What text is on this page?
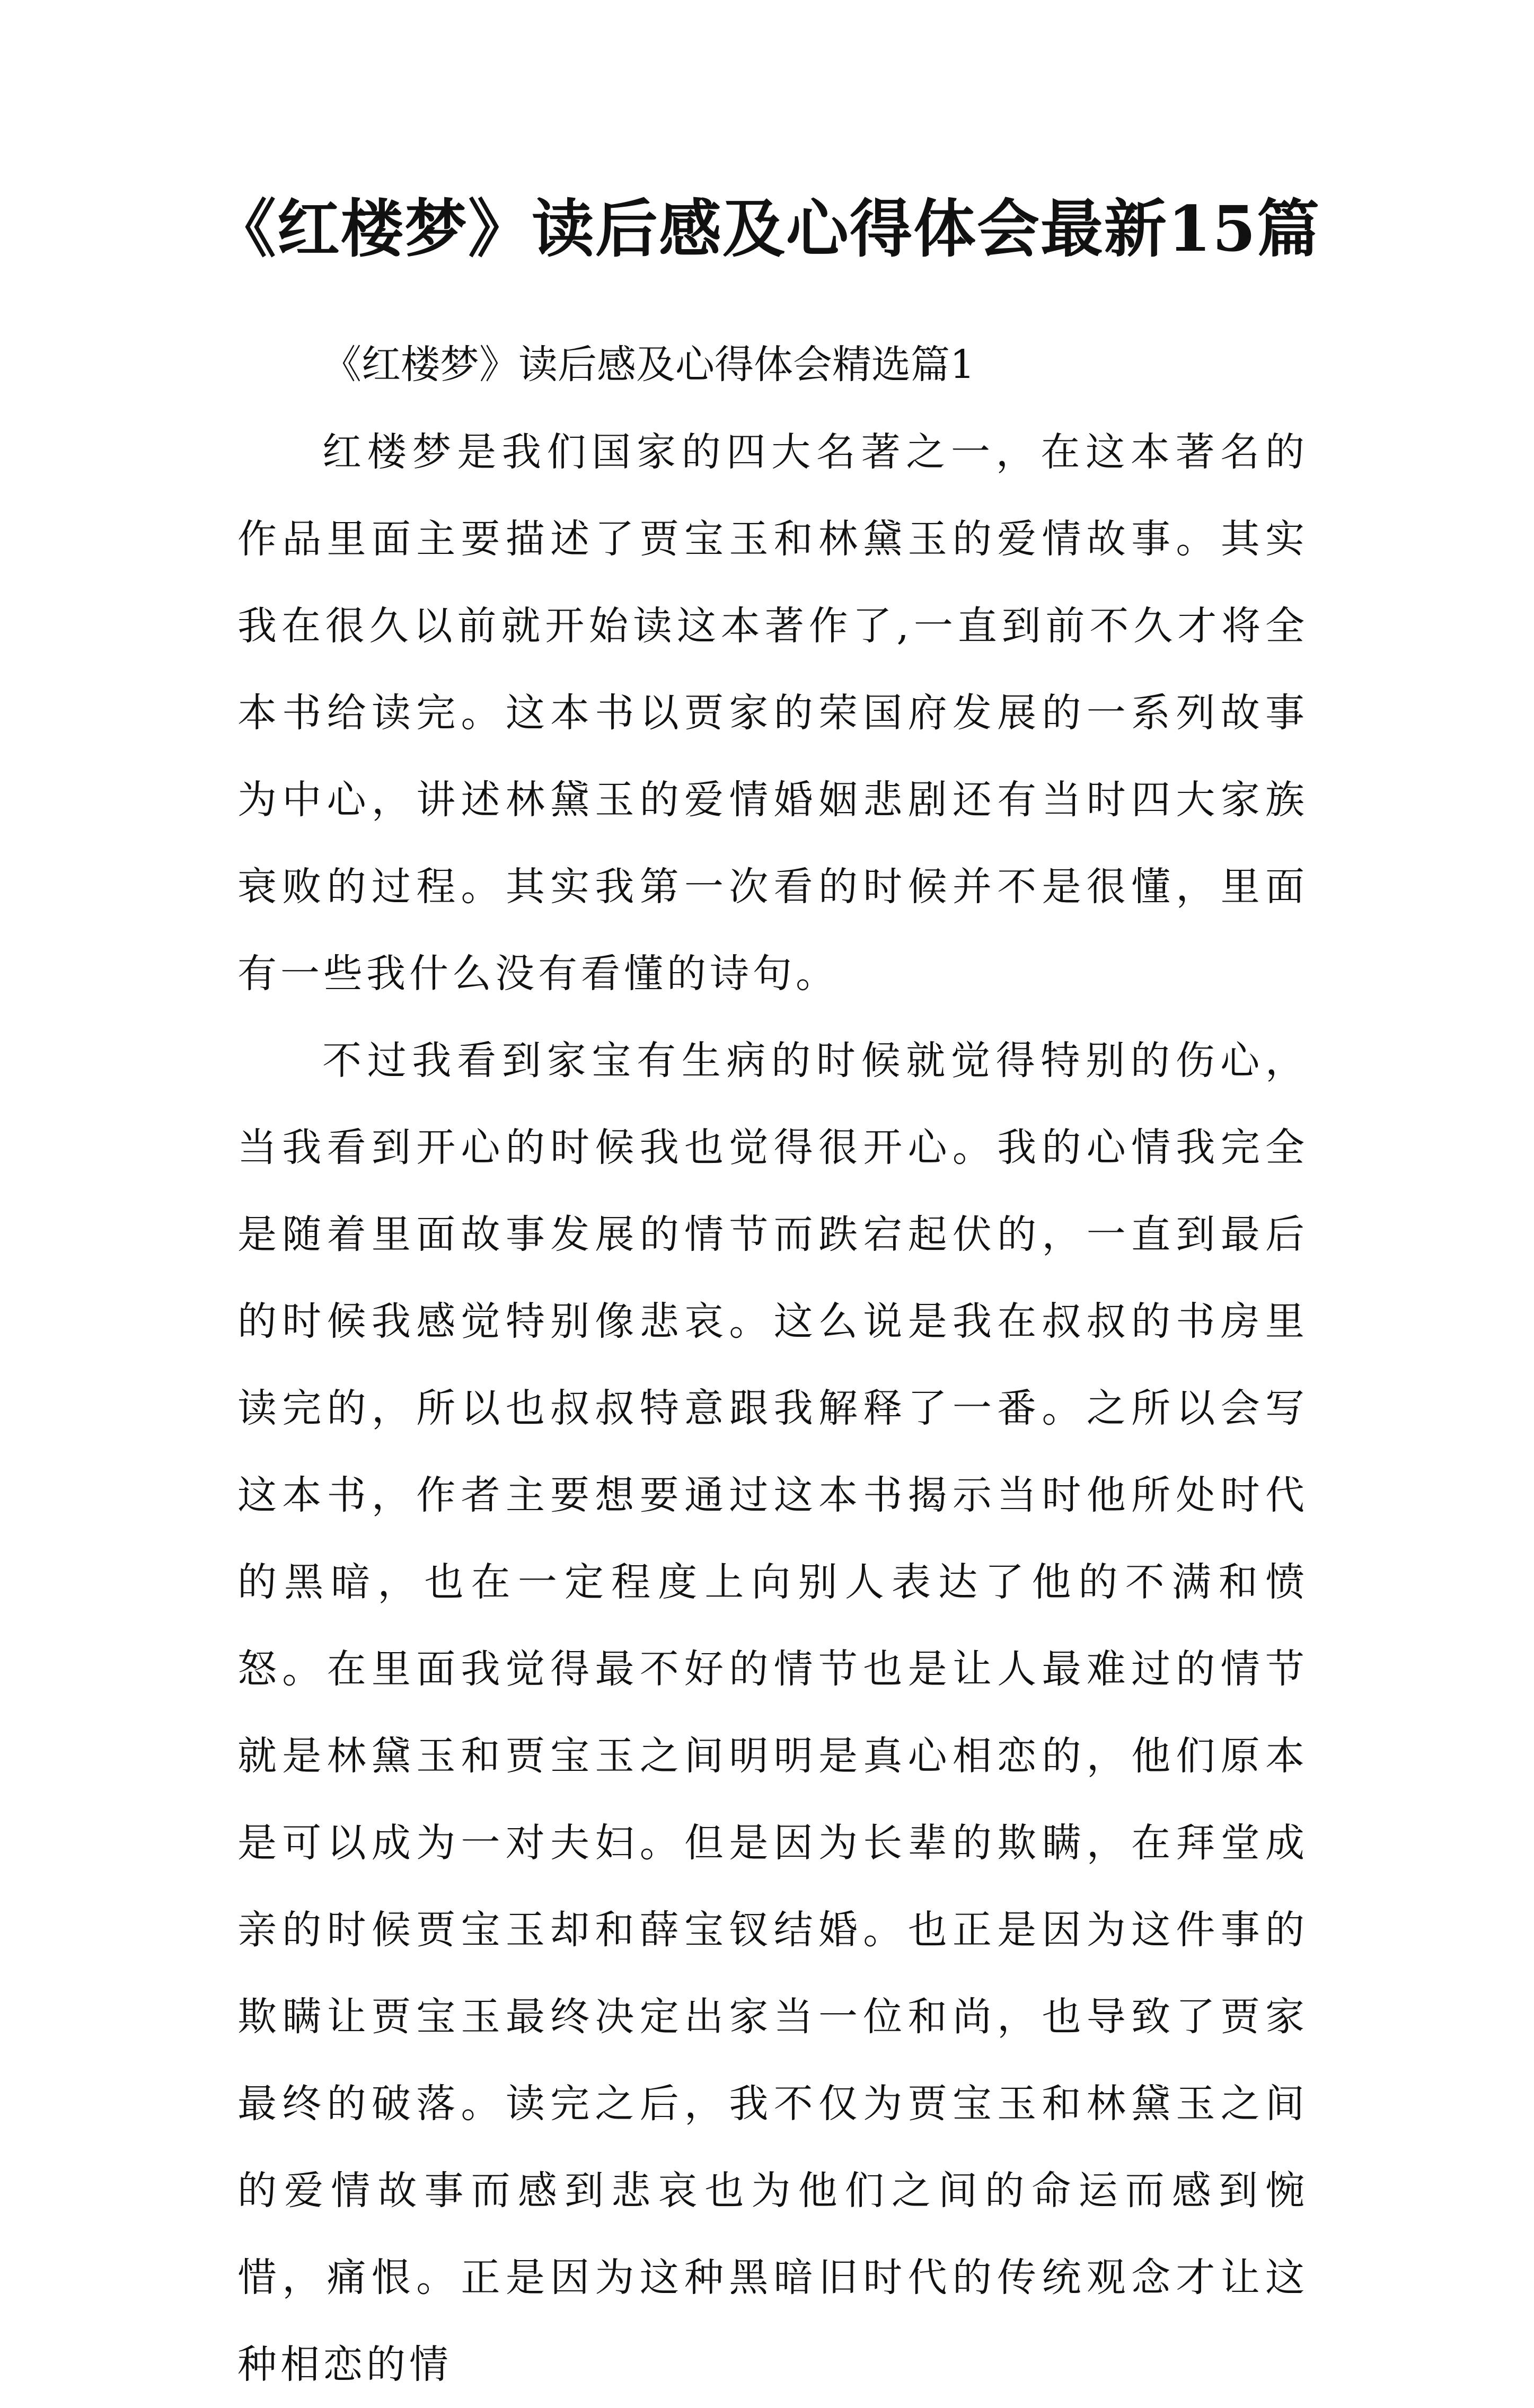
《红楼梦》读后感及心得体会最新15篇

《红楼梦》读后感及心得体会精选篇1

红楼梦是我们国家的四大名著之一，在这本著名的作品里面主要描述了贾宝玉和林黛玉的爱情故事。其实我在很久以前就开始读这本著作了,一直到前不久才将全本书给读完。这本书以贾家的荣国府发展的一系列故事为中心，讲述林黛玉的爱情婚姻悲剧还有当时四大家族衰败的过程。其实我第一次看的时候并不是很懂，里面有一些我什么没有看懂的诗句。

不过我看到家宝有生病的时候就觉得特别的伤心，当我看到开心的时候我也觉得很开心。我的心情我完全是随着里面故事发展的情节而跌宕起伏的，一直到最后的时候我感觉特别像悲哀。这么说是我在叔叔的书房里读完的，所以也叔叔特意跟我解释了一番。之所以会写这本书，作者主要想要通过这本书揭示当时他所处时代的黑暗，也在一定程度上向别人表达了他的不满和愤怒。在里面我觉得最不好的情节也是让人最难过的情节就是林黛玉和贾宝玉之间明明是真心相恋的，他们原本是可以成为一对夫妇。但是因为长辈的欺瞒，在拜堂成亲的时候贾宝玉却和薛宝钗结婚。也正是因为这件事的欺瞒让贾宝玉最终决定出家当一位和尚，也导致了贾家最终的破落。读完之后，我不仅为贾宝玉和林黛玉之间的爱情故事而感到悲哀也为他们之间的命运而感到惋惜，痛恨。正是因为这种黑暗旧时代的传统观念才让这种相恋的情
